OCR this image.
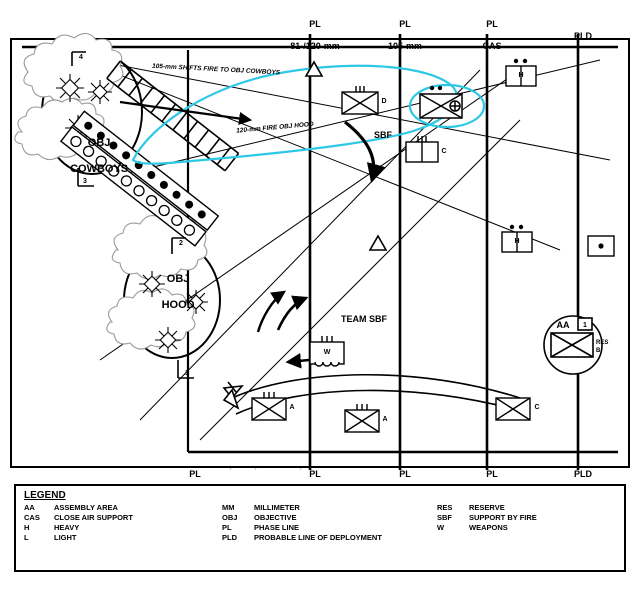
PL

81-/120-mm

PL

105-mm

PL

CAS

PLD

PL

	PL

	PL

	PL

	PLD

OBJ

COWBOYS

OBJ

HOOD

4
3
2
1
105-mm SHIFTS FIRE TO OBJ COWBOYS
120-mm FIRE OBJ HOOD
SBF
TEAM SBF
AA
D
C
H
H
W
A
A
C
1
RES
B
LEGEND
AA	ASSEMBLY AREA	MM	MILLIMETER	RES	RESERVE
CAS	CLOSE AIR SUPPORT	OBJ	OBJECTIVE	SBF	SUPPORT BY FIRE
H	HEAVY	PL	PHASE LINE	W	WEAPONS
L	LIGHT	PLD	PROBABLE LINE OF DEPLOYMENT		
